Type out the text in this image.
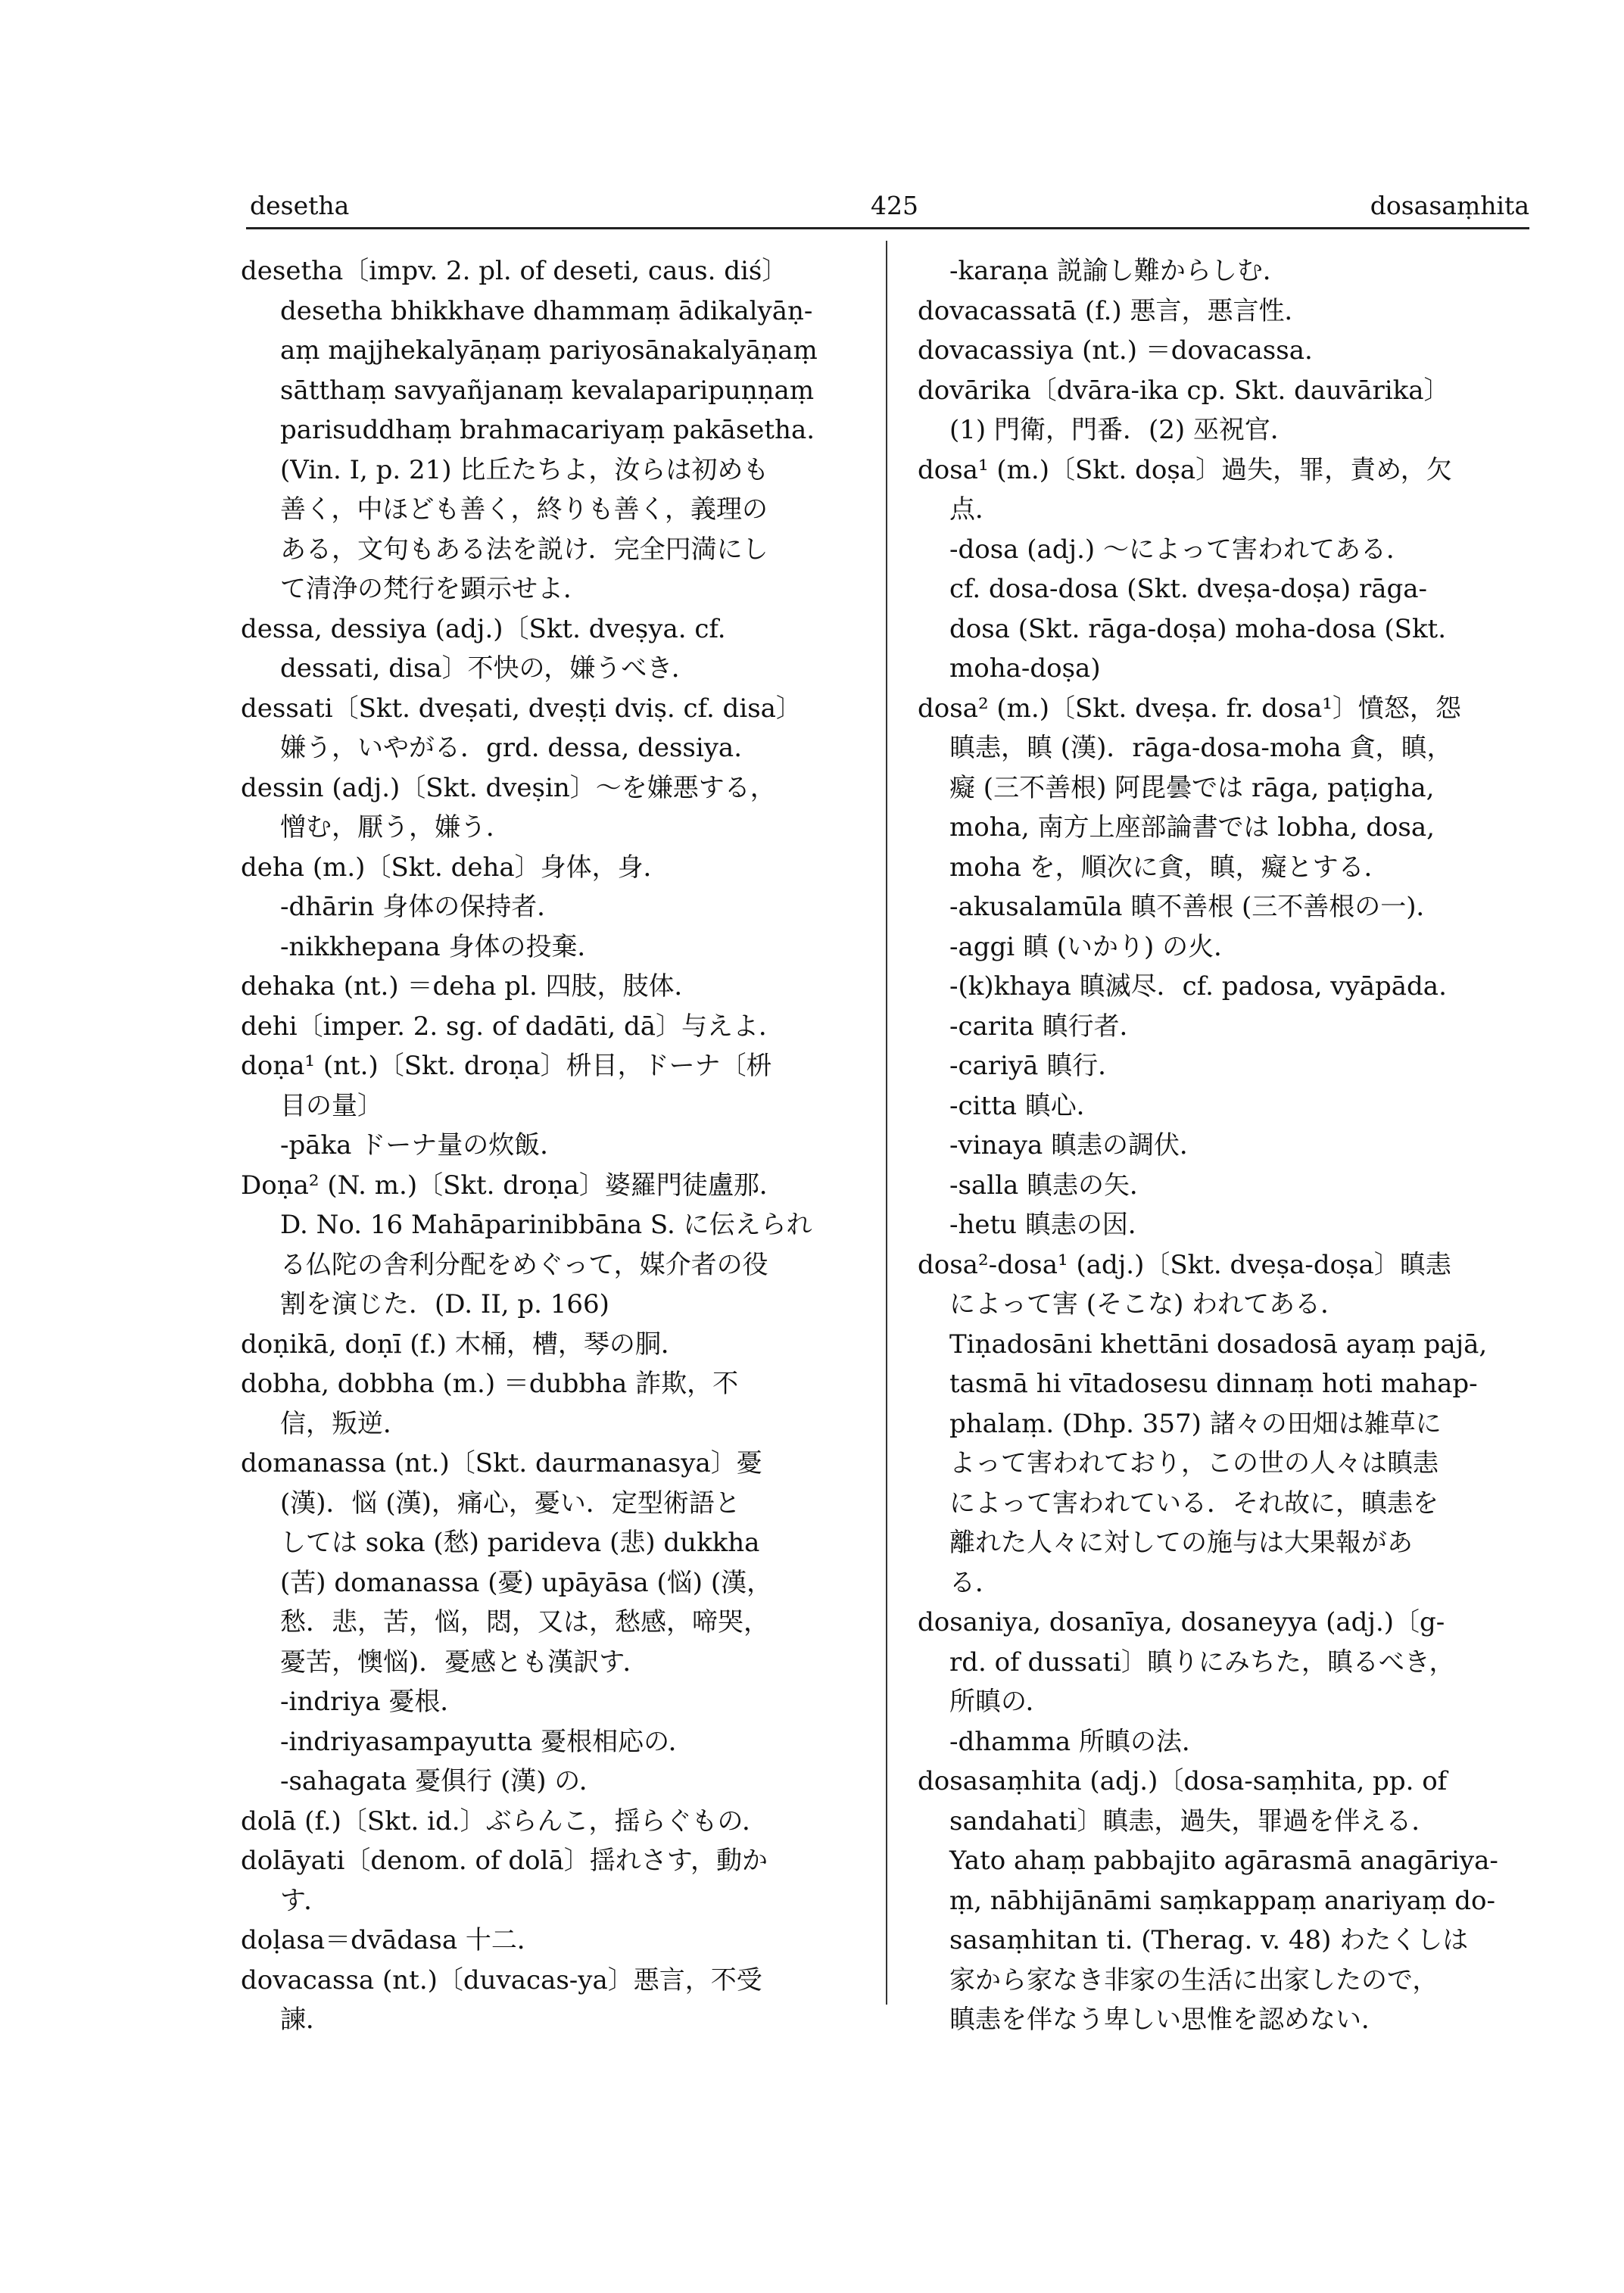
desetha	425	dosasaṃhita
desetha〔impv. 2. pl. of deseti, caus. diś〕
desetha bhikkhave dhammaṃ ādikalyāṇ-
aṃ majjhekalyāṇaṃ pariyosānakalyāṇaṃ
sātthaṃ savyañjanaṃ kevalaparipuṇṇaṃ
parisuddhaṃ brahmacariyaṃ pakāsetha.
(Vin. I, p. 21) 比丘たちよ，汝らは初めも
善く，中ほども善く，終りも善く，義理の
ある，文句もある法を説け．完全円満にし
て清浄の梵行を顕示せよ．
dessa, dessiya (adj.)〔Skt. dveṣya. cf.
dessati, disa〕不快の，嫌うべき．
dessati〔Skt. dveṣati, dveṣṭi dviṣ. cf. disa〕
嫌う，いやがる．grd. dessa, dessiya.
dessin (adj.)〔Skt. dveṣin〕～を嫌悪する，
憎む，厭う，嫌う．
deha (m.)〔Skt. deha〕身体，身．
-dhārin 身体の保持者．
-nikkhepana 身体の投棄．
dehaka (nt.) ＝deha pl. 四肢，肢体．
dehi〔imper. 2. sg. of dadāti, dā〕与えよ．
doṇa¹ (nt.)〔Skt. droṇa〕枡目，ドーナ〔枡
目の量〕
-pāka ドーナ量の炊飯．
Doṇa² (N. m.)〔Skt. droṇa〕婆羅門徒盧那．
D. No. 16 Mahāparinibbāna S. に伝えられ
る仏陀の舎利分配をめぐって，媒介者の役
割を演じた．(D. II, p. 166)
doṇikā, doṇī (f.) 木桶，槽，琴の胴．
dobha, dobbha (m.) ＝dubbha 詐欺，不
信，叛逆．
domanassa (nt.)〔Skt. daurmanasya〕憂
(漢)．悩 (漢)，痛心，憂い．定型術語と
しては soka (愁) parideva (悲) dukkha
(苦) domanassa (憂) upāyāsa (悩) (漢，
愁．悲，苦，悩，悶，又は，愁感，啼哭，
憂苦，懊悩)．憂感とも漢訳す．
-indriya 憂根．
-indriyasampayutta 憂根相応の．
-sahagata 憂俱行 (漢) の．
dolā (f.)〔Skt. id.〕ぶらんこ，揺らぐもの．
dolāyati〔denom. of dolā〕揺れさす，動か
す．
doḷasa＝dvādasa 十二．
dovacassa (nt.)〔duvacas-ya〕悪言，不受
諫．
-karaṇa 説諭し難からしむ．
dovacassatā (f.) 悪言，悪言性．
dovacassiya (nt.) ＝dovacassa.
dovārika〔dvāra-ika cp. Skt. dauvārika〕
(1) 門衛，門番．(2) 巫祝官．
dosa¹ (m.)〔Skt. doṣa〕過失，罪，責め，欠
点．
-dosa (adj.) ～によって害われてある．
cf. dosa-dosa (Skt. dveṣa-doṣa) rāga-
dosa (Skt. rāga-doṣa) moha-dosa (Skt.
moha-doṣa)
dosa² (m.)〔Skt. dveṣa. fr. dosa¹〕憤怒，怨
瞋恚，瞋 (漢)．rāga-dosa-moha 貪，瞋，
癡 (三不善根) 阿毘曇では rāga, paṭigha,
moha, 南方上座部論書では lobha, dosa,
moha を，順次に貪，瞋，癡とする．
-akusalamūla 瞋不善根 (三不善根の一)．
-aggi 瞋 (いかり) の火．
-(k)khaya 瞋滅尽．cf. padosa, vyāpāda.
-carita 瞋行者．
-cariyā 瞋行．
-citta 瞋心．
-vinaya 瞋恚の調伏．
-salla 瞋恚の矢．
-hetu 瞋恚の因．
dosa²-dosa¹ (adj.)〔Skt. dveṣa-doṣa〕瞋恚
によって害 (そこな) われてある．
Tiṇadosāni khettāni dosadosā ayaṃ pajā,
tasmā hi vītadosesu dinnaṃ hoti mahap-
phalaṃ. (Dhp. 357) 諸々の田畑は雑草に
よって害われており，この世の人々は瞋恚
によって害われている．それ故に，瞋恚を
離れた人々に対しての施与は大果報があ
る．
dosaniya, dosanīya, dosaneyya (adj.)〔g-
rd. of dussati〕瞋りにみちた，瞋るべき，
所瞋の．
-dhamma 所瞋の法．
dosasaṃhita (adj.)〔dosa-saṃhita, pp. of
sandahati〕瞋恚，過失，罪過を伴える．
Yato ahaṃ pabbajito agārasmā anagāriya-
ṃ, nābhijānāmi saṃkappaṃ anariyaṃ do-
sasaṃhitan ti. (Therag. v. 48) わたくしは
家から家なき非家の生活に出家したので，
瞋恚を伴なう卑しい思惟を認めない．
